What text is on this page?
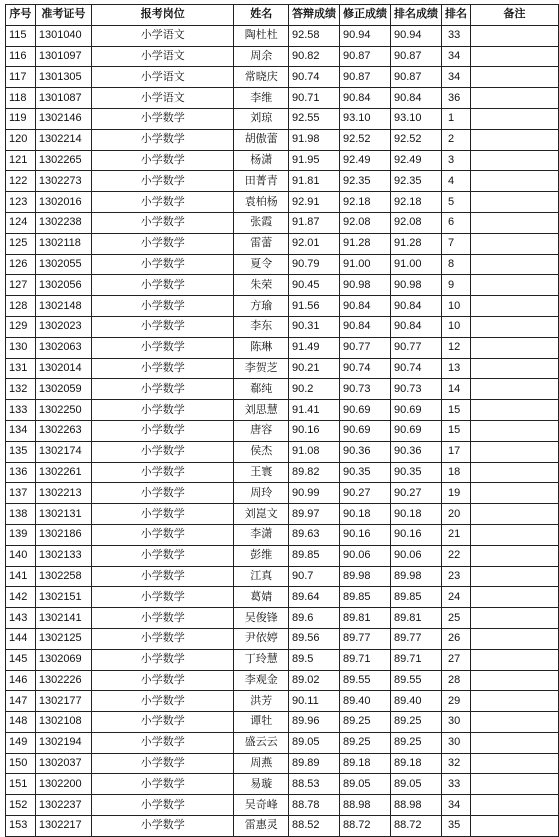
序号	准考证号	报考岗位	姓名	答辩成绩	修正成绩	排名成绩	排名	备注
115	1301040	小学语文	陶杜杜	92.58	90.94	90.94	33	
116	1301097	小学语文	周余	90.82	90.87	90.87	34	
117	1301305	小学语文	常晓庆	90.74	90.87	90.87	34	
118	1301087	小学语文	李维	90.71	90.84	90.84	36	
119	1302146	小学数学	刘琼	92.55	93.10	93.10	1	
120	1302214	小学数学	胡傲蕾	91.98	92.52	92.52	2	
121	1302265	小学数学	杨潇	91.95	92.49	92.49	3	
122	1302273	小学数学	田菁青	91.81	92.35	92.35	4	
123	1302016	小学数学	袁柏杨	92.91	92.18	92.18	5	
124	1302238	小学数学	张霞	91.87	92.08	92.08	6	
125	1302118	小学数学	雷蕾	92.01	91.28	91.28	7	
126	1302055	小学数学	夏令	90.79	91.00	91.00	8	
127	1302056	小学数学	朱荣	90.45	90.98	90.98	9	
128	1302148	小学数学	方瑜	91.56	90.84	90.84	10	
129	1302023	小学数学	李东	90.31	90.84	90.84	10	
130	1302063	小学数学	陈琳	91.49	90.77	90.77	12	
131	1302014	小学数学	李贺芝	90.21	90.74	90.74	13	
132	1302059	小学数学	郗纯	90.2	90.73	90.73	14	
133	1302250	小学数学	刘思慧	91.41	90.69	90.69	15	
134	1302263	小学数学	唐容	90.16	90.69	90.69	15	
135	1302174	小学数学	侯杰	91.08	90.36	90.36	17	
136	1302261	小学数学	王寰	89.82	90.35	90.35	18	
137	1302213	小学数学	周玲	90.99	90.27	90.27	19	
138	1302131	小学数学	刘崑文	89.97	90.18	90.18	20	
139	1302186	小学数学	李潇	89.63	90.16	90.16	21	
140	1302133	小学数学	彭维	89.85	90.06	90.06	22	
141	1302258	小学数学	江真	90.7	89.98	89.98	23	
142	1302151	小学数学	葛婧	89.64	89.85	89.85	24	
143	1302141	小学数学	吴俊锋	89.6	89.81	89.81	25	
144	1302125	小学数学	尹依婷	89.56	89.77	89.77	26	
145	1302069	小学数学	丁玲慧	89.5	89.71	89.71	27	
146	1302226	小学数学	李观金	89.02	89.55	89.55	28	
147	1302177	小学数学	洪芳	90.11	89.40	89.40	29	
148	1302108	小学数学	谭牡	89.96	89.25	89.25	30	
149	1302194	小学数学	盛云云	89.05	89.25	89.25	30	
150	1302037	小学数学	周燕	89.89	89.18	89.18	32	
151	1302200	小学数学	易璇	88.53	89.05	89.05	33	
152	1302237	小学数学	吴奇峰	88.78	88.98	88.98	34	
153	1302217	小学数学	雷惠灵	88.52	88.72	88.72	35	
